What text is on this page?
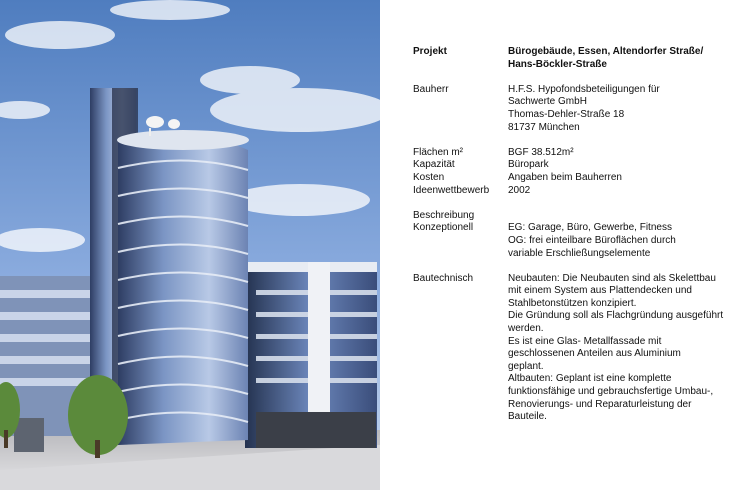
Projekt	Bürogebäude, Essen, Altendorfer Straße/
Hans-Böckler-Straße
Bauherr	H.F.S. Hypofondsbeteiligungen für
Sachwerte GmbH
Thomas-Dehler-Straße 18
81737 München
Flächen m²	BGF 38.512m²
Kapazität	Büropark
Kosten	Angaben beim Bauherren
Ideenwettbewerb	2002
Beschreibung
Konzeptionell	EG: Garage, Büro, Gewerbe, Fitness
OG: frei einteilbare Büroflächen durch
variable Erschließungselemente
Bautechnisch	Neubauten: Die Neubauten sind als Skelettbau
mit einem System aus Plattendecken und
Stahlbetonstützen konzipiert.
Die Gründung soll als Flachgründung ausgeführt
werden.
Es ist eine Glas- Metallfassade mit
geschlossenen Anteilen aus Aluminium
geplant.
Altbauten: Geplant ist eine komplette
funktionsfähige und gebrauchsfertige Umbau-,
Renovierungs- und Reparaturleistung der
Bauteile.
